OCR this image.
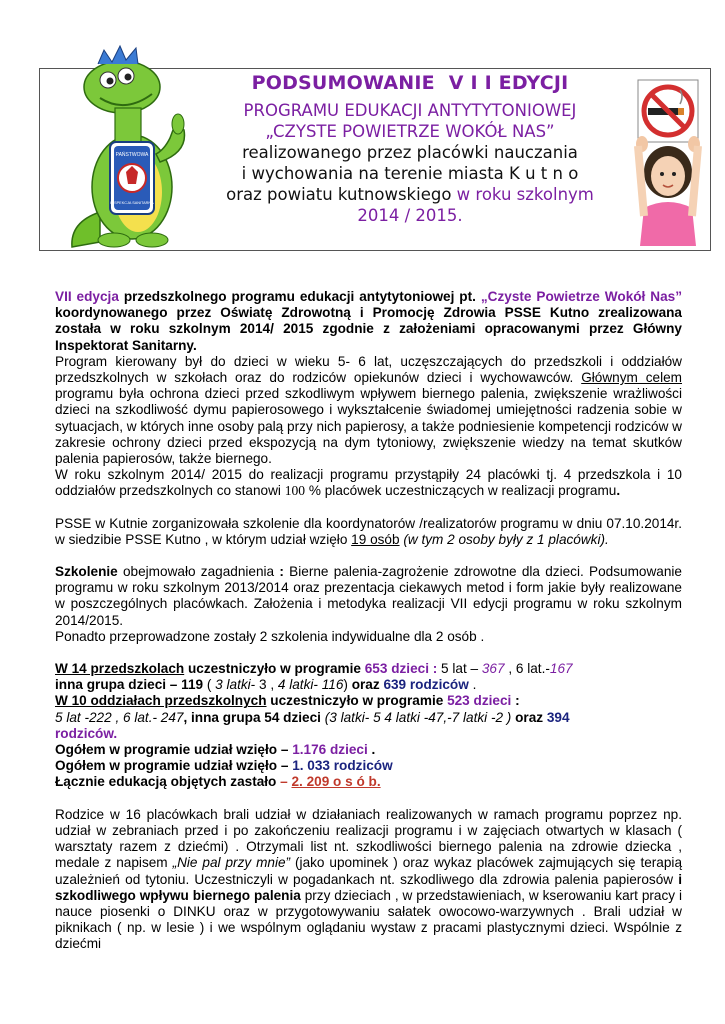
PAŃSTWOWA
INSPEKCJA SANITARNA
PODSUMOWANIE V I I EDYCJI
PROGRAMU EDUKACJI ANTYTYTONIOWEJ
„CZYSTE POWIETRZE WOKÓŁ NAS”
realizowanego przez placówki nauczania
i wychowania na terenie miasta K u t n o
oraz powiatu kutnowskiego w roku szkolnym
2014 / 2015.

VII edycja przedszkolnego programu edukacji antytytoniowej pt. „Czyste Powietrze Wokół Nas” koordynowanego przez Oświatę Zdrowotną i Promocję Zdrowia PSSE Kutno zrealizowana została w roku szkolnym 2014/ 2015 zgodnie z założeniami opracowanymi przez Główny Inspektorat Sanitarny.

Program kierowany był do dzieci w wieku 5- 6 lat, uczęszczających do przedszkoli i oddziałów przedszkolnych w szkołach oraz do rodziców opiekunów dzieci i wychowawców. Głównym celem programu była ochrona dzieci przed szkodliwym wpływem biernego palenia, zwiększenie wrażliwości dzieci na szkodliwość dymu papierosowego i wykształcenie świadomej umiejętności radzenia sobie w sytuacjach, w których inne osoby palą przy nich papierosy, a także podniesienie kompetencji rodziców w zakresie ochrony dzieci przed ekspozycją na dym tytoniowy, zwiększenie wiedzy na temat skutków palenia papierosów, także biernego.

W roku szkolnym 2014/ 2015 do realizacji programu przystąpiły 24 placówki tj. 4 przedszkola i 10 oddziałów przedszkolnych co stanowi 100 % placówek uczestniczących w realizacji programu.

PSSE w Kutnie zorganizowała szkolenie dla koordynatorów /realizatorów programu w dniu 07.10.2014r. w siedzibie PSSE Kutno , w którym udział wzięło 19 osób (w tym 2 osoby były z 1 placówki).

Szkolenie obejmowało zagadnienia : Bierne palenia-zagrożenie zdrowotne dla dzieci. Podsumowanie programu w roku szkolnym 2013/2014 oraz prezentacja ciekawych metod i form jakie były realizowane w poszczególnych placówkach. Założenia i metodyka realizacji VII edycji programu w roku szkolnym 2014/2015.

Ponadto przeprowadzone zostały 2 szkolenia indywidualne dla 2 osób .

W 14 przedszkolach uczestniczyło w programie 653 dzieci : 5 lat – 367 , 6 lat.-167

inna grupa dzieci – 119 ( 3 latki- 3 , 4 latki- 116) oraz 639 rodziców .

W 10 oddziałach przedszkolnych uczestniczyło w programie 523 dzieci :

5 lat -222 , 6 lat.- 247, inna grupa 54 dzieci (3 latki- 5 4 latki -47,-7 latki -2 ) oraz 394

rodziców.

Ogółem w programie udział wzięło – 1.176 dzieci .

Ogółem w programie udział wzięło – 1. 033 rodziców

Łącznie edukacją objętych zastało – 2. 209 o s ó b.

Rodzice w 16 placówkach brali udział w działaniach realizowanych w ramach programu poprzez np. udział w zebraniach przed i po zakończeniu realizacji programu i w zajęciach otwartych w klasach ( warsztaty razem z dziećmi) . Otrzymali list nt. szkodliwości biernego palenia na zdrowie dziecka , medale z napisem „Nie pal przy mnie” (jako upominek ) oraz wykaz placówek zajmujących się terapią uzależnień od tytoniu. Uczestniczyli w pogadankach nt. szkodliwego dla zdrowia palenia papierosów i szkodliwego wpływu biernego palenia przy dzieciach , w przedstawieniach, w kserowaniu kart pracy i nauce piosenki o DINKU oraz w przygotowywaniu sałatek owocowo-warzywnych . Brali udział w piknikach ( np. w lesie ) i we wspólnym oglądaniu wystaw z pracami plastycznymi dzieci. Wspólnie z dziećmi
